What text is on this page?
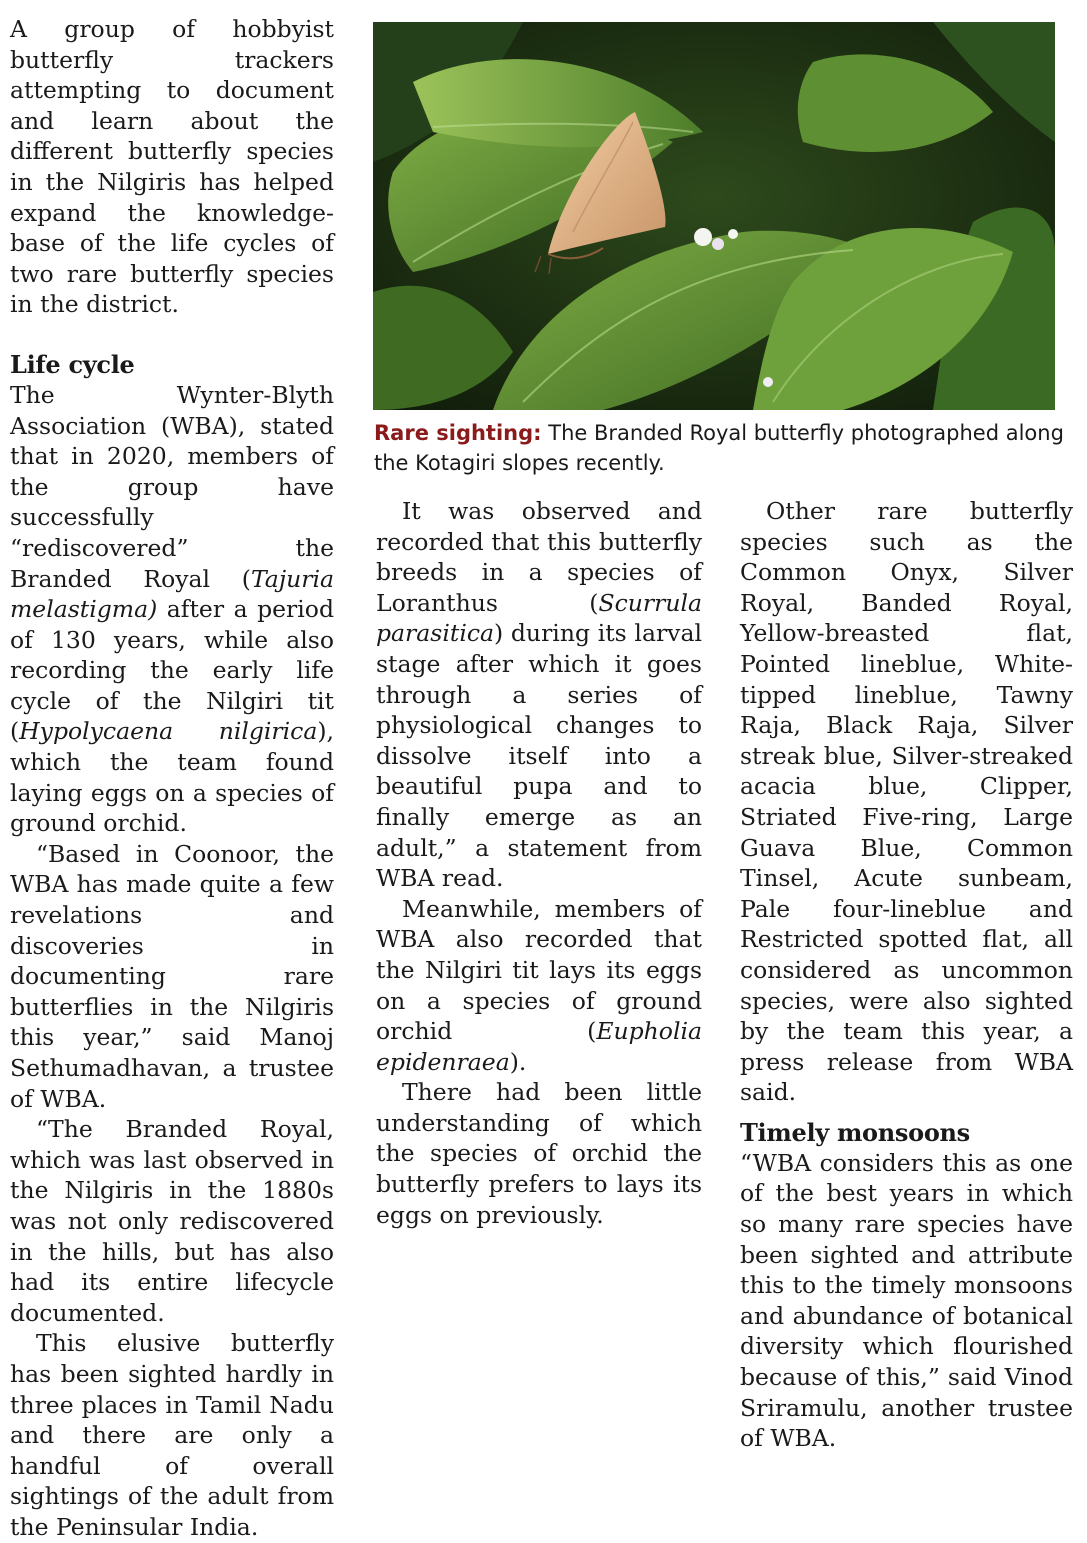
A group of hobbyist butterfly trackers attempting to document and learn about the different butterfly species in the Nilgiris has helped expand the knowledge-base of the life cycles of two rare butterfly species in the district.

Life cycle

The Wynter-Blyth Association (WBA), stated that in 2020, members of the group have successfully “rediscovered” the Branded Royal (Tajuria melastigma) after a period of 130 years, while also recording the early life cycle of the Nilgiri tit (Hypolycaena nilgirica), which the team found laying eggs on a species of ground orchid.

“Based in Coonoor, the WBA has made quite a few revelations and discoveries in documenting rare butterflies in the Nilgiris this year,” said Manoj Sethumadhavan, a trustee of WBA.

“The Branded Royal, which was last observed in the Nilgiris in the 1880s was not only rediscovered in the hills, but has also had its entire lifecycle documented.

This elusive butterfly has been sighted hardly in three places in Tamil Nadu and there are only a handful of overall sightings of the adult from the Peninsular India.

Rare sighting: The Branded Royal butterfly photographed along the Kotagiri slopes recently.

It was observed and recorded that this butterfly breeds in a species of Loranthus (Scurrula parasitica) during its larval stage after which it goes through a series of physiological changes to dissolve itself into a beautiful pupa and to finally emerge as an adult,” a statement from WBA read.

Meanwhile, members of WBA also recorded that the Nilgiri tit lays its eggs on a species of ground orchid (Eupholia epidenraea).

There had been little understanding of which the species of orchid the butterfly prefers to lays its eggs on previously.

Other rare butterfly species such as the Common Onyx, Silver Royal, Banded Royal, Yellow-breasted flat, Pointed lineblue, White-tipped lineblue, Tawny Raja, Black Raja, Silver streak blue, Silver-streaked acacia blue, Clipper, Striated Five-ring, Large Guava Blue, Common Tinsel, Acute sunbeam, Pale four-lineblue and Restricted spotted flat, all considered as uncommon species, were also sighted by the team this year, a press release from WBA said.

Timely monsoons

“WBA considers this as one of the best years in which so many rare species have been sighted and attribute this to the timely monsoons and abundance of botanical diversity which flourished because of this,” said Vinod Sriramulu, another trustee of WBA.
